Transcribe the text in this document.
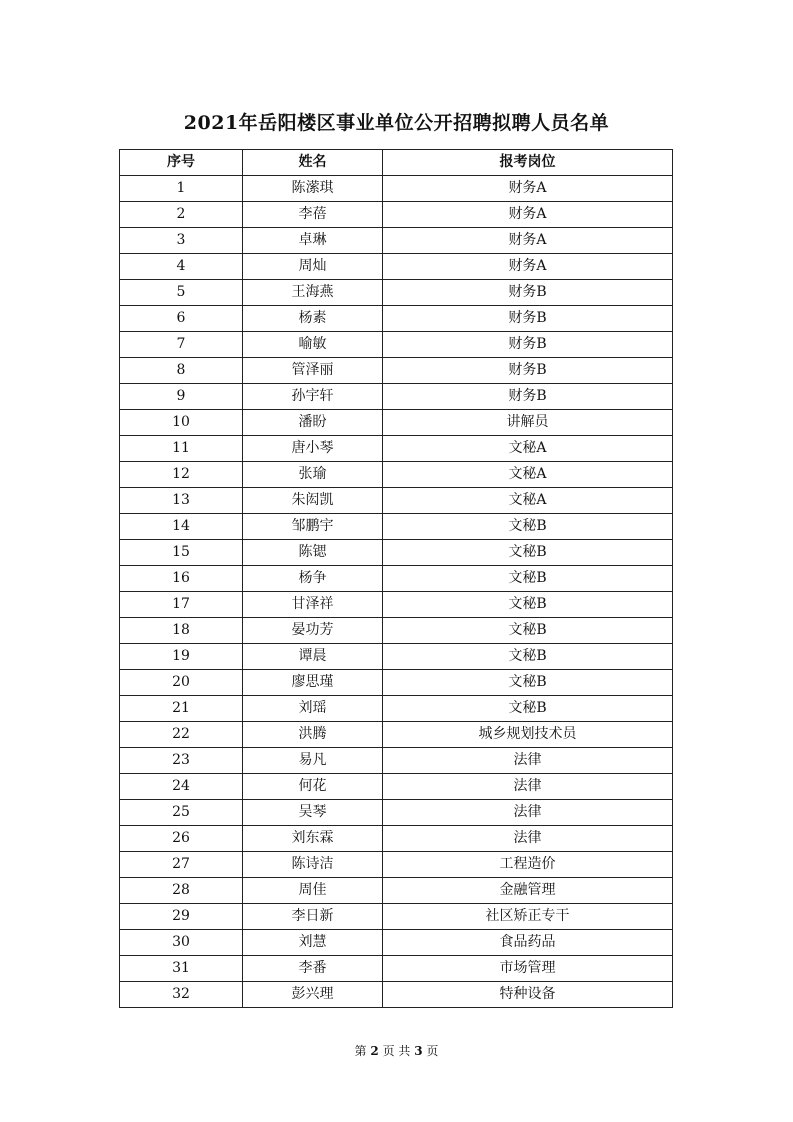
2021年岳阳楼区事业单位公开招聘拟聘人员名单
序号	姓名	报考岗位
1	陈潆琪	财务A
2	李蓓	财务A
3	卓琳	财务A
4	周灿	财务A
5	王海燕	财务B
6	杨素	财务B
7	喻敏	财务B
8	管泽丽	财务B
9	孙宇轩	财务B
10	潘盼	讲解员
11	唐小琴	文秘A
12	张瑜	文秘A
13	朱闳凯	文秘A
14	邹鹏宇	文秘B
15	陈锶	文秘B
16	杨争	文秘B
17	甘泽祥	文秘B
18	晏功芳	文秘B
19	谭晨	文秘B
20	廖思瑾	文秘B
21	刘瑶	文秘B
22	洪腾	城乡规划技术员
23	易凡	法律
24	何花	法律
25	吴琴	法律
26	刘东霖	法律
27	陈诗洁	工程造价
28	周佳	金融管理
29	李日新	社区矫正专干
30	刘慧	食品药品
31	李番	市场管理
32	彭兴理	特种设备
第 2 页 共 3 页
